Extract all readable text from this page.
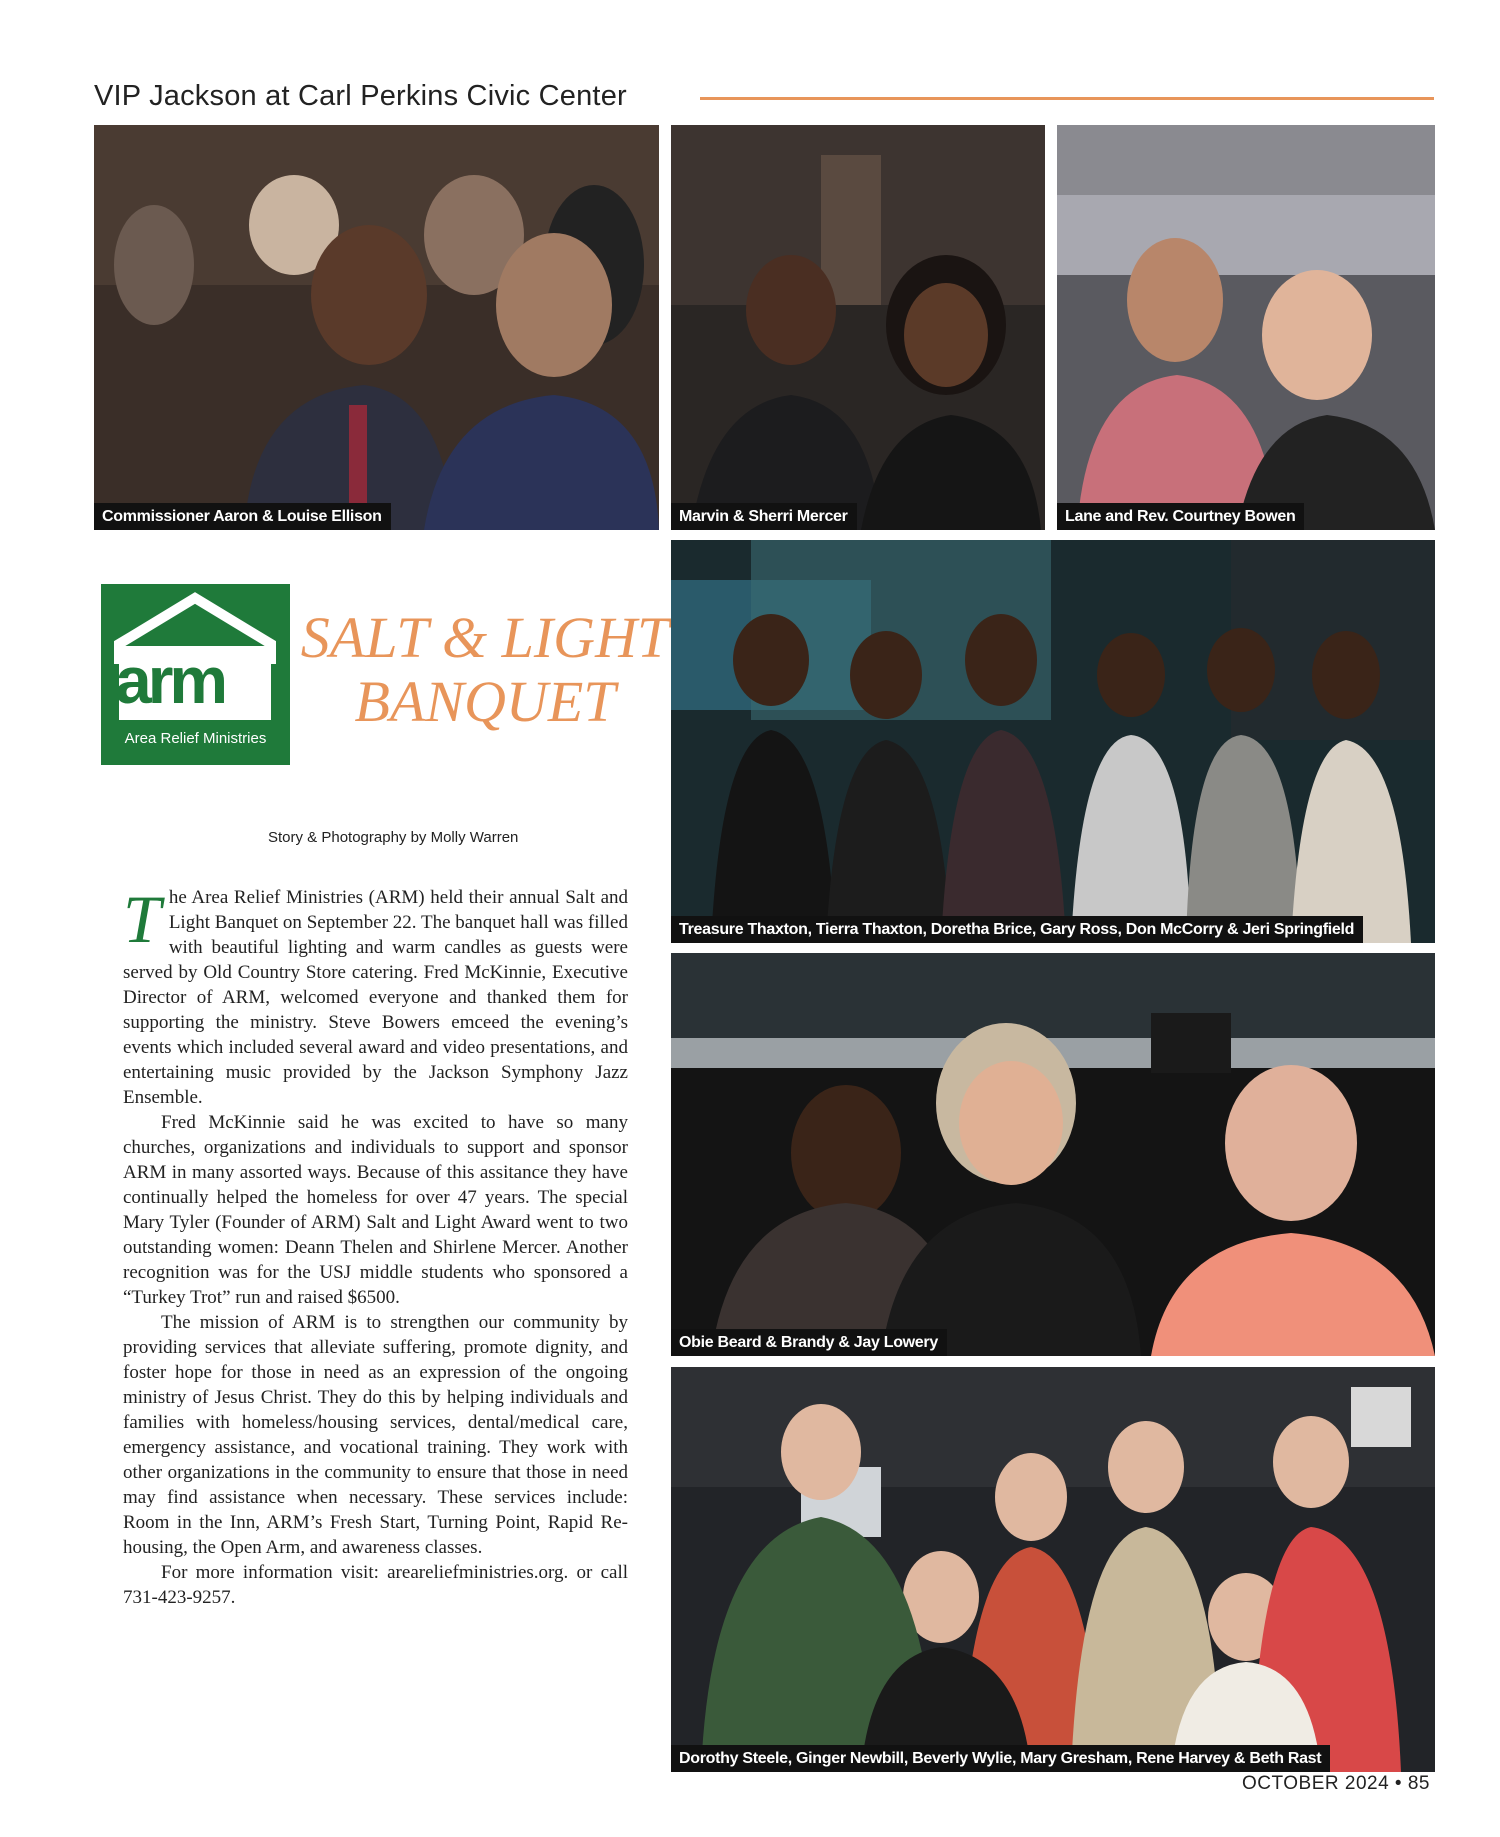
VIP Jackson at Carl Perkins Civic Center
Commissioner Aaron & Louise Ellison	Marvin & Sherri Mercer	Lane and Rev. Courtney Bowen
arm
Area Relief Ministries
SALT & LIGHT
BANQUET
Story & Photography by Molly Warren

The Area Relief Ministries (ARM) held their annual Salt and Light Banquet on September 22. The banquet hall was filled with beautiful lighting and warm candles as guests were served by Old Country Store catering. Fred McKinnie, Executive Director of ARM, welcomed everyone and thanked them for supporting the ministry. Steve Bowers emceed the evening’s events which included several award and video presentations, and entertaining music provided by the Jackson Symphony Jazz Ensemble.

Fred McKinnie said he was excited to have so many churches, organizations and individuals to support and sponsor ARM in many assorted ways. Because of this assitance they have continually helped the homeless for over 47 years. The special Mary Tyler (Founder of ARM) Salt and Light Award went to two outstanding women: Deann Thelen and Shirlene Mercer. Another recognition was for the USJ middle students who sponsored a “Turkey Trot” run and raised $6500.

The mission of ARM is to strengthen our community by providing services that alleviate suffering, promote dignity, and foster hope for those in need as an expression of the ongoing ministry of Jesus Christ. They do this by helping individuals and families with homeless/housing services, dental/medical care, emergency assistance, and vocational training. They work with other organizations in the community to ensure that those in need may find assistance when necessary. These services include: Room in the Inn, ARM’s Fresh Start, Turning Point, Rapid Re-housing, the Open Arm, and awareness classes.

For more information visit: areareliefministries.org. or call 731-423-9257.

Treasure Thaxton, Tierra Thaxton, Doretha Brice, Gary Ross, Don McCorry & Jeri Springfield
Obie Beard & Brandy & Jay Lowery
Dorothy Steele, Ginger Newbill, Beverly Wylie, Mary Gresham, Rene Harvey & Beth Rast
OCTOBER 2024 • 85
